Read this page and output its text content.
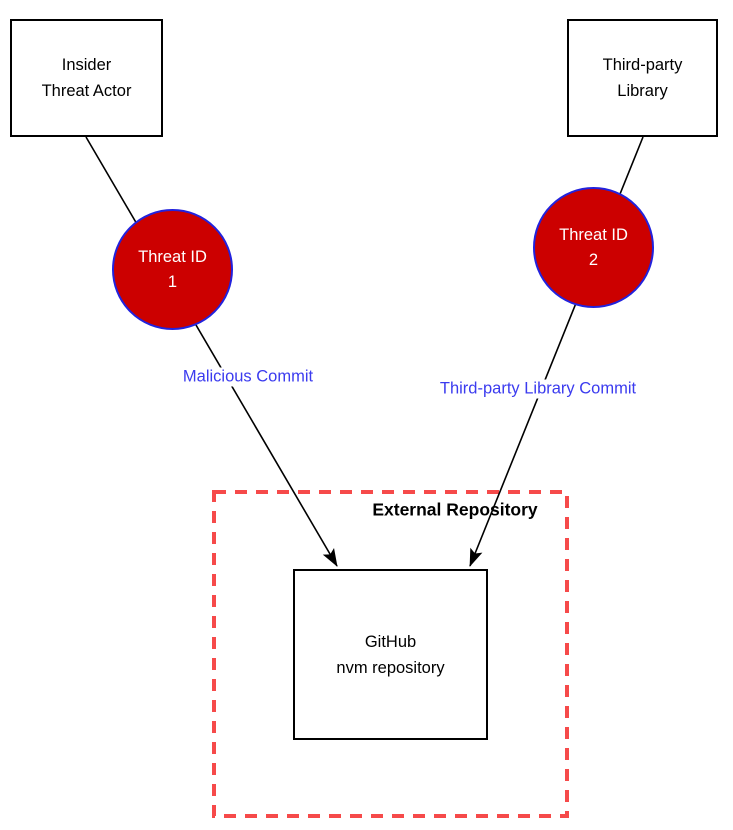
Insider
Threat Actor
Third-party
Library
Threat ID
1
Threat ID
2
Malicious Commit
Third-party Library Commit
External Repository
GitHub
nvm repository
